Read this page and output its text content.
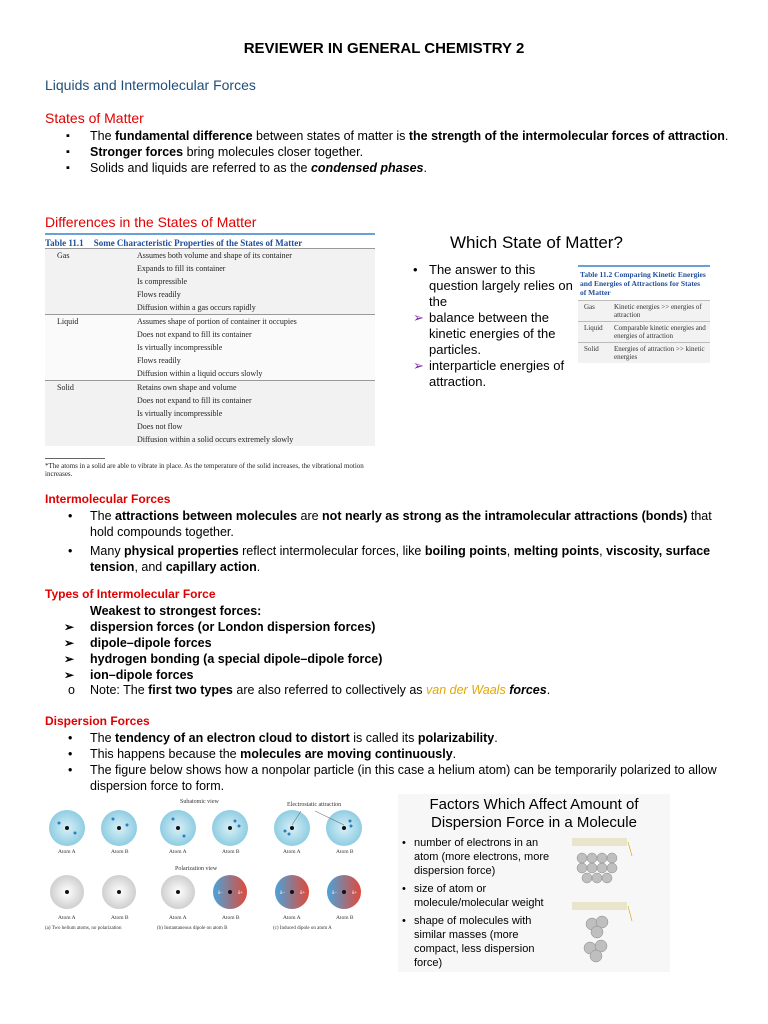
REVIEWER IN GENERAL CHEMISTRY 2
Liquids and Intermolecular Forces
States of Matter
▪ The fundamental difference between states of matter is the strength of the intermolecular forces of attraction.
▪ Stronger forces bring molecules closer together.
▪ Solids and liquids are referred to as the condensed phases.
Differences in the States of Matter
Table 11.1 Some Characteristic Properties of the States of Matter
Gas	Assumes both volume and shape of its container
Expands to fill its container
Is compressible
Flows readily
Diffusion within a gas occurs rapidly
Liquid	Assumes shape of portion of container it occupies
Does not expand to fill its container
Is virtually incompressible
Flows readily
Diffusion within a liquid occurs slowly
Solid	Retains own shape and volume
Does not expand to fill its container
Is virtually incompressible
Does not flow
Diffusion within a solid occurs extremely slowly
*The atoms in a solid are able to vibrate in place. As the temperature of the solid increases, the vibrational motion increases.
Which State of Matter?
• The answer to this question largely relies on the
➢ balance between the kinetic energies of the particles.
➢ interparticle energies of attraction.
Table 11.2 Comparing Kinetic Energies and Energies of Attractions for States of Matter
Gas	Kinetic energies >> energies of attraction
Liquid	Comparable kinetic energies and energies of attraction
Solid	Energies of attraction >> kinetic energies
Intermolecular Forces
• The attractions between molecules are not nearly as strong as the intramolecular attractions (bonds) that hold compounds together.
• Many physical properties reflect intermolecular forces, like boiling points, melting points, viscosity, surface tension, and capillary action.
Types of Intermolecular Force
Weakest to strongest forces:
➢ dispersion forces (or London dispersion forces)
➢ dipole–dipole forces
➢ hydrogen bonding (a special dipole–dipole force)
➢ ion–dipole forces
o Note: The first two types are also referred to collectively as van der Waals forces.
Dispersion Forces
• The tendency of an electron cloud to distort is called its polarizability.
• This happens because the molecules are moving continuously.
• The figure below shows how a nonpolar particle (in this case a helium atom) can be temporarily polarized to allow dispersion force to form.
Subatomic view	Electrostatic attraction
Atom A	Atom B	Atom A	Atom B	Atom A	Atom B
Polarization view
δ−	δ+	δ−	δ+	δ−	δ+
Atom A	Atom B	Atom A	Atom B	Atom A	Atom B
(a) Two helium atoms, no polarization	(b) Instantaneous dipole on atom B	(c) Induced dipole on atom A
Factors Which Affect Amount of
Dispersion Force in a Molecule
• number of electrons in an atom (more electrons, more dispersion force)
• size of atom or molecule/molecular weight
• shape of molecules with similar masses (more compact, less dispersion force)
